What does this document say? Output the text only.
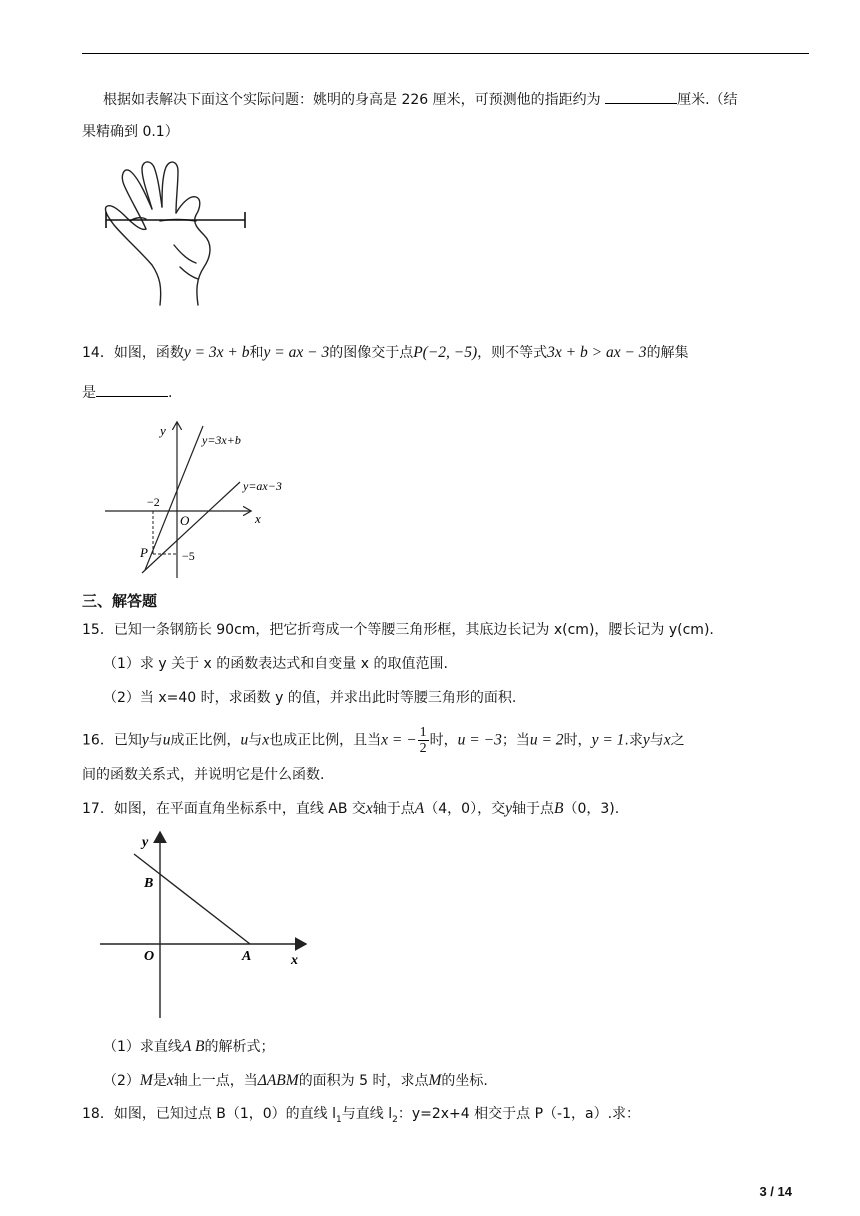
根据如表解决下面这个实际问题：姚明的身高是 226 厘米，可预测他的指距约为	厘米.（结
果精确到 0.1）
14．如图，函数y = 3x + b和y = ax − 3的图像交于点P(−2, −5)，则不等式3x + b > ax − 3的解集
是	.
y
x
O
−2
−5
P
y=3x+b
y=ax−3
三、解答题
15．已知一条钢筋长 90cm，把它折弯成一个等腰三角形框，其底边长记为 x(cm)，腰长记为 y(cm).
（1）求 y 关于 x 的函数表达式和自变量 x 的取值范围.
（2）当 x=40 时，求函数 y 的值，并求出此时等腰三角形的面积.
16．已知y与u成正比例，u与x也成正比例，且当x = − $\frac{1}{2}$ 时，u = −3；当u = 2时，y = 1.求y与x之
间的函数关系式，并说明它是什么函数.
17．如图，在平面直角坐标系中，直线 AB 交x轴于点A（4，0），交y轴于点B（0，3).
y
x
B
O	A
（1）求直线A B的解析式；
（2）M是x轴上一点，当ΔABM的面积为 5 时，求点M的坐标.
18．如图，已知过点 B（1，0）的直线 $l_1$与直线 $l_2$：y=2x+4 相交于点 P（-1，a）.求：
3 / 14
